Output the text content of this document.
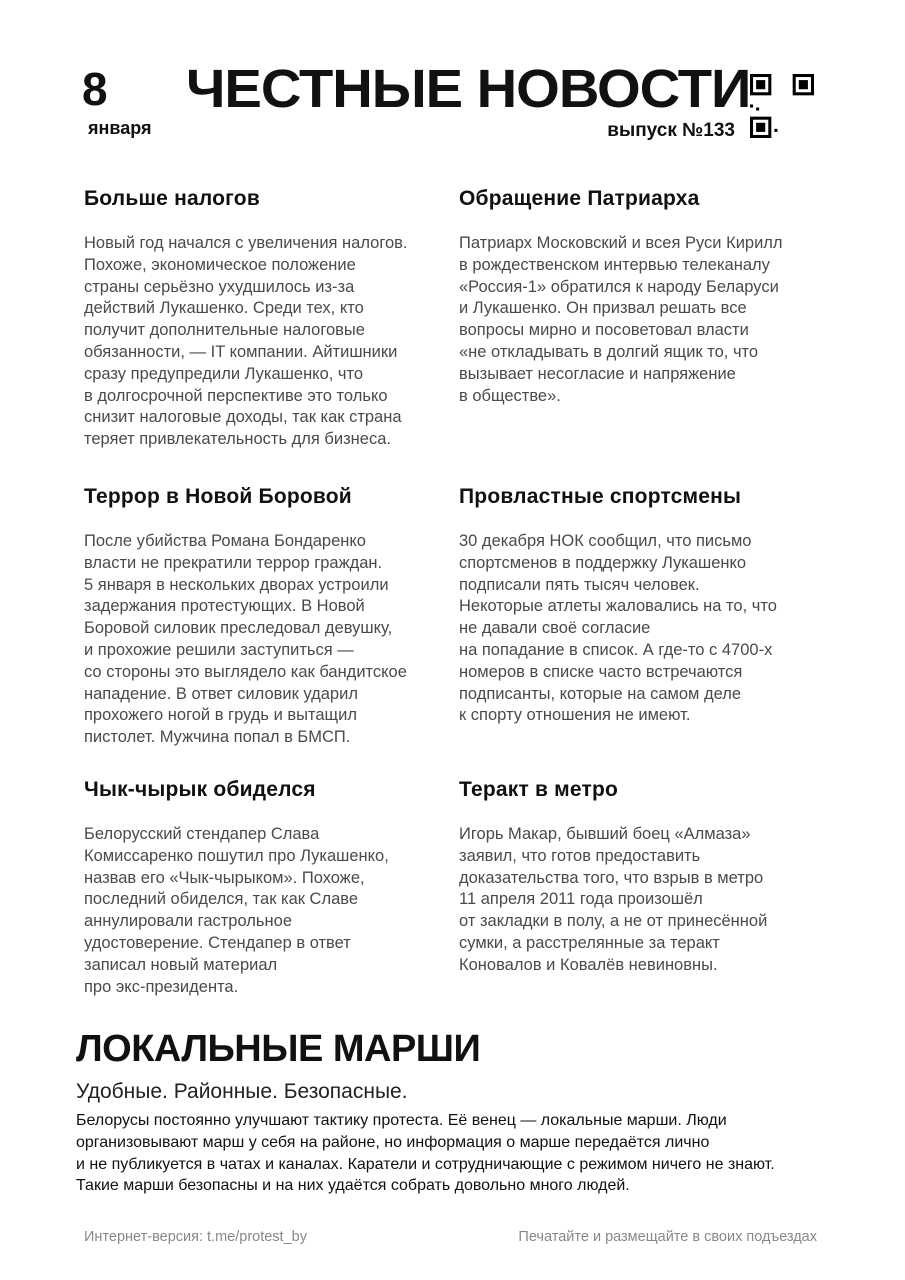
8
января
ЧЕСТНЫЕ НОВОСТИ
выпуск №133
Больше налогов
Новый год начался с увеличения налогов.
Похоже, экономическое положение
страны серьёзно ухудшилось из-за
действий Лукашенко. Среди тех, кто
получит дополнительные налоговые
обязанности, — IT компании. Айтишники
сразу предупредили Лукашенко, что
в долгосрочной перспективе это только
снизит налоговые доходы, так как страна
теряет привлекательность для бизнеса.
Обращение Патриарха
Патриарх Московский и всея Руси Кирилл
в рождественском интервью телеканалу
«Россия-1» обратился к народу Беларуси
и Лукашенко. Он призвал решать все
вопросы мирно и посоветовал власти
«не откладывать в долгий ящик то, что
вызывает несогласие и напряжение
в обществе».
Террор в Новой Боровой
После убийства Романа Бондаренко
власти не прекратили террор граждан.
5 января в нескольких дворах устроили
задержания протестующих. В Новой
Боровой силовик преследовал девушку,
и прохожие решили заступиться —
со стороны это выглядело как бандитское
нападение. В ответ силовик ударил
прохожего ногой в грудь и вытащил
пистолет. Мужчина попал в БМСП.
Провластные спортсмены
30 декабря НОК сообщил, что письмо
спортсменов в поддержку Лукашенко
подписали пять тысяч человек.
Некоторые атлеты жаловались на то, что
не давали своё согласие
на попадание в список. А где-то с 4700-х
номеров в списке часто встречаются
подписанты, которые на самом деле
к спорту отношения не имеют.
Чык-чырык обиделся
Белорусский стендапер Слава
Комиссаренко пошутил про Лукашенко,
назвав его «Чык-чырыком». Похоже,
последний обиделся, так как Славе
аннулировали гастрольное
удостоверение. Стендапер в ответ
записал новый материал
про экс-президента.
Теракт в метро
Игорь Макар, бывший боец «Алмаза»
заявил, что готов предоставить
доказательства того, что взрыв в метро
11 апреля 2011 года произошёл
от закладки в полу, а не от принесённой
сумки, а расстрелянные за теракт
Коновалов и Ковалёв невиновны.
ЛОКАЛЬНЫЕ МАРШИ
Удобные. Районные. Безопасные.
Белорусы постоянно улучшают тактику протеста. Её венец — локальные марши. Люди
организовывают марш у себя на районе, но информация о марше передаётся лично
и не публикуется в чатах и каналах. Каратели и сотрудничающие с режимом ничего не знают.
Такие марши безопасны и на них удаётся собрать довольно много людей.
Интернет-версия: t.me/protest_by	Печатайте и размещайте в своих подъездах
